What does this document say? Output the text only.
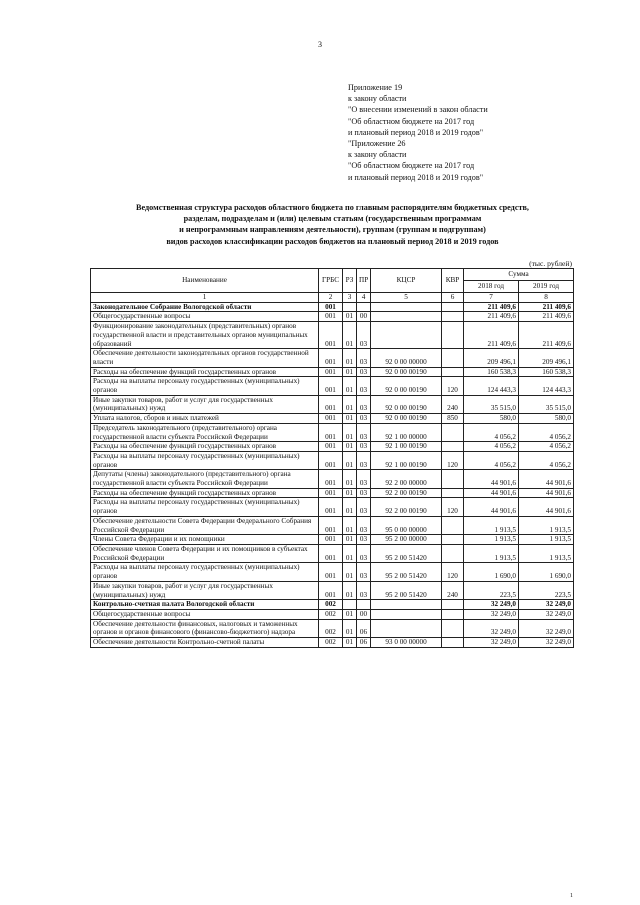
3
Приложение 19
к закону области
"О внесении изменений в закон области
"Об областном бюджете на 2017 год
и плановый период 2018 и 2019 годов"
"Приложение 26
к закону области
"Об областном бюджете на 2017 год
и плановый период 2018 и 2019 годов"
Ведомственная структура расходов областного бюджета по главным распорядителям бюджетных средств,
разделам, подразделам и (или) целевым статьям (государственным программам
и непрограммным направлениям деятельности), группам (группам и подгруппам)
видов расходов классификации расходов бюджетов на плановый период 2018 и 2019 годов
(тыс. рублей)
Наименование	ГРБС	РЗ	ПР	КЦСР	КВР	Сумма	
						2018 год	2019 год
1	2	3	4	5	6	7	8
Законодательное Собрание Вологодской области	001					211 409,6	211 409,6
Общегосударственные вопросы	001	01	00			211 409,6	211 409,6
Функционирование законодательных (представительных) органов государственной власти и представительных органов муниципальных образований	001	01	03			211 409,6	211 409,6
Обеспечение деятельности законодательных органов государственной власти	001	01	03	92 0 00 00000		209 496,1	209 496,1
Расходы на обеспечение функций государственных органов	001	01	03	92 0 00 00190		160 538,3	160 538,3
Расходы на выплаты персоналу государственных (муниципальных) органов	001	01	03	92 0 00 00190	120	124 443,3	124 443,3
Иные закупки товаров, работ и услуг для государственных (муниципальных) нужд	001	01	03	92 0 00 00190	240	35 515,0	35 515,0
Уплата налогов, сборов и иных платежей	001	01	03	92 0 00 00190	850	580,0	580,0
Председатель законодательного (представительного) органа государственной власти субъекта Российской Федерации	001	01	03	92 1 00 00000		4 056,2	4 056,2
Расходы на обеспечение функций государственных органов	001	01	03	92 1 00 00190		4 056,2	4 056,2
Расходы на выплаты персоналу государственных (муниципальных) органов	001	01	03	92 1 00 00190	120	4 056,2	4 056,2
Депутаты (члены) законодательного (представительного) органа государственной власти субъекта Российской Федерации	001	01	03	92 2 00 00000		44 901,6	44 901,6
Расходы на обеспечение функций государственных органов	001	01	03	92 2 00 00190		44 901,6	44 901,6
Расходы на выплаты персоналу государственных (муниципальных) органов	001	01	03	92 2 00 00190	120	44 901,6	44 901,6
Обеспечение деятельности Совета Федерации Федерального Собрания Российской Федерации	001	01	03	95 0 00 00000		1 913,5	1 913,5
Члены Совета Федерации и их помощники	001	01	03	95 2 00 00000		1 913,5	1 913,5
Обеспечение членов Совета Федерации и их помощников в субъектах Российской Федерации	001	01	03	95 2 00 51420		1 913,5	1 913,5
Расходы на выплаты персоналу государственных (муниципальных) органов	001	01	03	95 2 00 51420	120	1 690,0	1 690,0
Иные закупки товаров, работ и услуг для государственных (муниципальных) нужд	001	01	03	95 2 00 51420	240	223,5	223,5
Контрольно-счетная палата Вологодской области	002					32 249,0	32 249,0
Общегосударственные вопросы	002	01	00			32 249,0	32 249,0
Обеспечение деятельности финансовых, налоговых и таможенных органов и органов финансового (финансово-бюджетного) надзора	002	01	06			32 249,0	32 249,0
Обеспечение деятельности Контрольно-счетной палаты	002	01	06	93 0 00 00000		32 249,0	32 249,0
1
